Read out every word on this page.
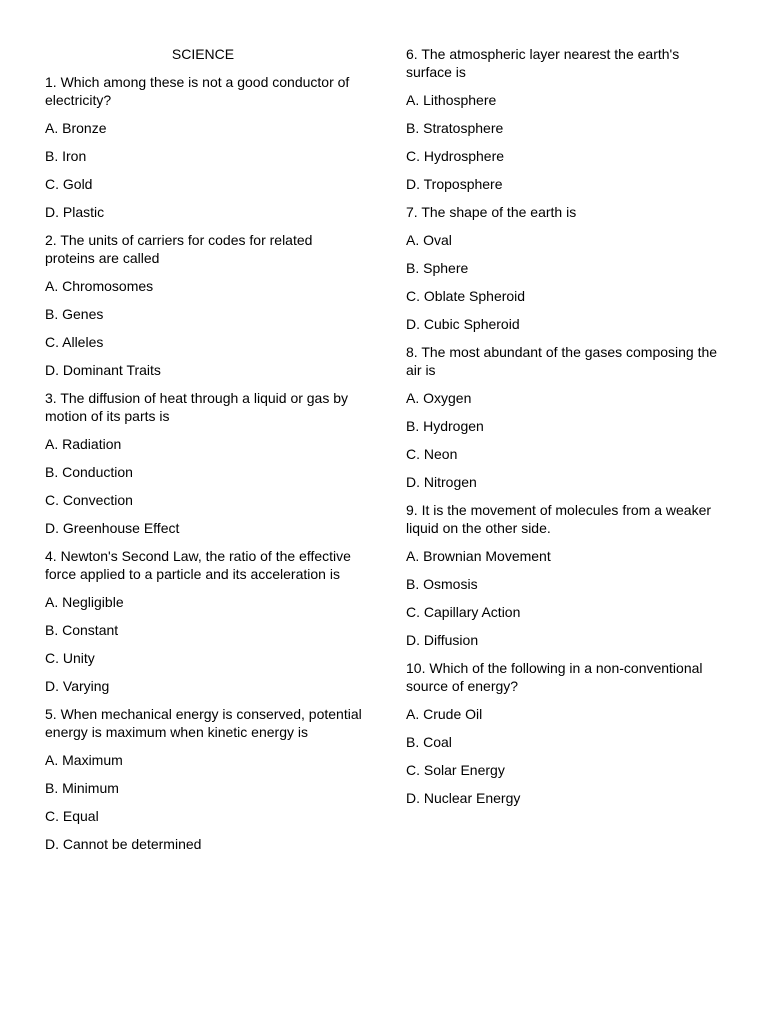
SCIENCE
1. Which among these is not a good conductor of electricity?
A. Bronze
B. Iron
C. Gold
D. Plastic
2. The units of carriers for codes for related proteins are called
A. Chromosomes
B. Genes
C. Alleles
D. Dominant Traits
3. The diffusion of heat through a liquid or gas by motion of its parts is
A. Radiation
B. Conduction
C. Convection
D. Greenhouse Effect
4. Newton's Second Law, the ratio of the effective force applied to a particle and its acceleration is
A. Negligible
B. Constant
C. Unity
D. Varying
5. When mechanical energy is conserved, potential energy is maximum when kinetic energy is
A. Maximum
B. Minimum
C. Equal
D. Cannot be determined
6. The atmospheric layer nearest the earth's surface is
A. Lithosphere
B. Stratosphere
C. Hydrosphere
D. Troposphere
7. The shape of the earth is
A. Oval
B. Sphere
C. Oblate Spheroid
D. Cubic Spheroid
8. The most abundant of the gases composing the air is
A. Oxygen
B. Hydrogen
C. Neon
D. Nitrogen
9. It is the movement of molecules from a weaker liquid on the other side.
A. Brownian Movement
B. Osmosis
C. Capillary Action
D. Diffusion
10. Which of the following in a non-conventional source of energy?
A. Crude Oil
B. Coal
C. Solar Energy
D. Nuclear Energy
